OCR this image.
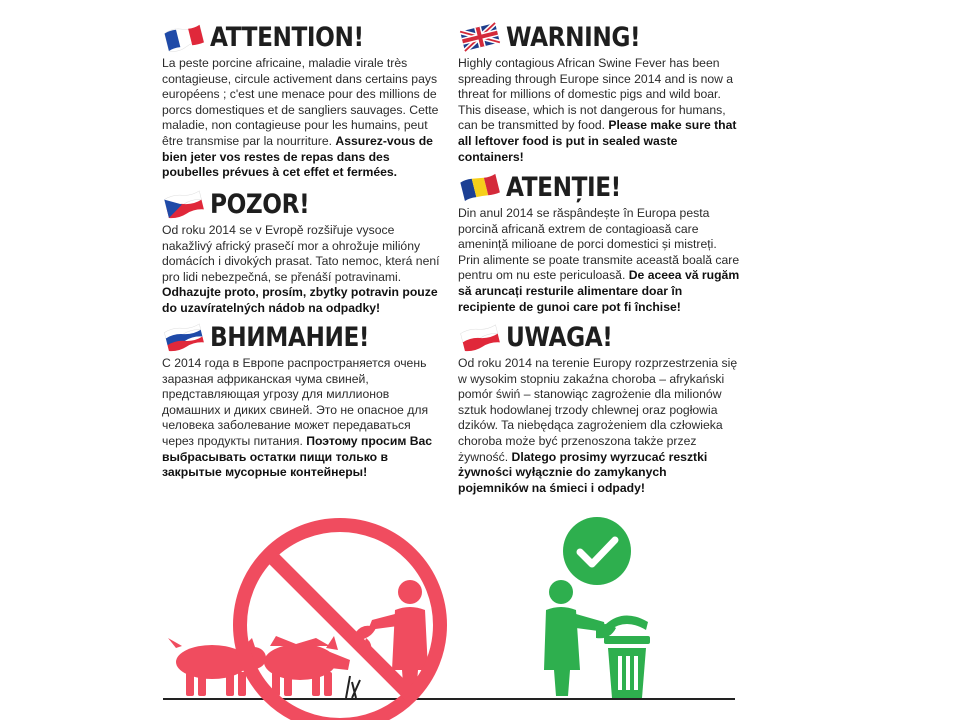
ATTENTION!

La peste porcine africaine, maladie virale très contagieuse, circule activement dans certains pays européens ; c'est une menace pour des millions de porcs domestiques et de sangliers sauvages. Cette maladie, non contagieuse pour les humains, peut être transmise par la nourriture. Assurez-vous de bien jeter vos restes de repas dans des poubelles prévues à cet effet et fermées.

WARNING!

Highly contagious African Swine Fever has been spreading through Europe since 2014 and is now a threat for millions of domestic pigs and wild boar. This disease, which is not dangerous for humans, can be transmitted by food. Please make sure that all leftover food is put in sealed waste containers!

POZOR!

Od roku 2014 se v Evropě rozšiřuje vysoce nakažlivý africký prasečí mor a ohrožuje milióny domácích i divokých prasat. Tato nemoc, která není pro lidi nebezpečná, se přenáší potravinami. Odhazujte proto, prosím, zbytky potravin pouze do uzavíratelných nádob na odpadky!

ATENȚIE!

Din anul 2014 se răspândește în Europa pesta porcină africană extrem de contagioasă care amenință milioane de porci domestici și mistreți. Prin alimente se poate transmite această boală care pentru om nu este periculoasă. De aceea vă rugăm să aruncați resturile alimentare doar în recipiente de gunoi care pot fi închise!

ВНИМАНИЕ!

С 2014 года в Европе распространяется очень заразная африканская чума свиней, представляющая угрозу для миллионов домашних и диких свиней. Это не опасное для человека заболевание может передаваться через продукты питания. Поэтому просим Вас выбрасывать остатки пищи только в закрытые мусорные контейнеры!

UWAGA!

Od roku 2014 na terenie Europy rozprzestrzenia się w wysokim stopniu zakaźna choroba – afrykański pomór świń – stanowiąc zagrożenie dla milionów sztuk hodowlanej trzody chlewnej oraz pogłowia dzików. Ta niebędąca zagrożeniem dla człowieka choroba może być przenoszona także przez żywność. Dlatego prosimy wyrzucać resztki żywności wyłącznie do zamykanych pojemników na śmieci i odpady!
